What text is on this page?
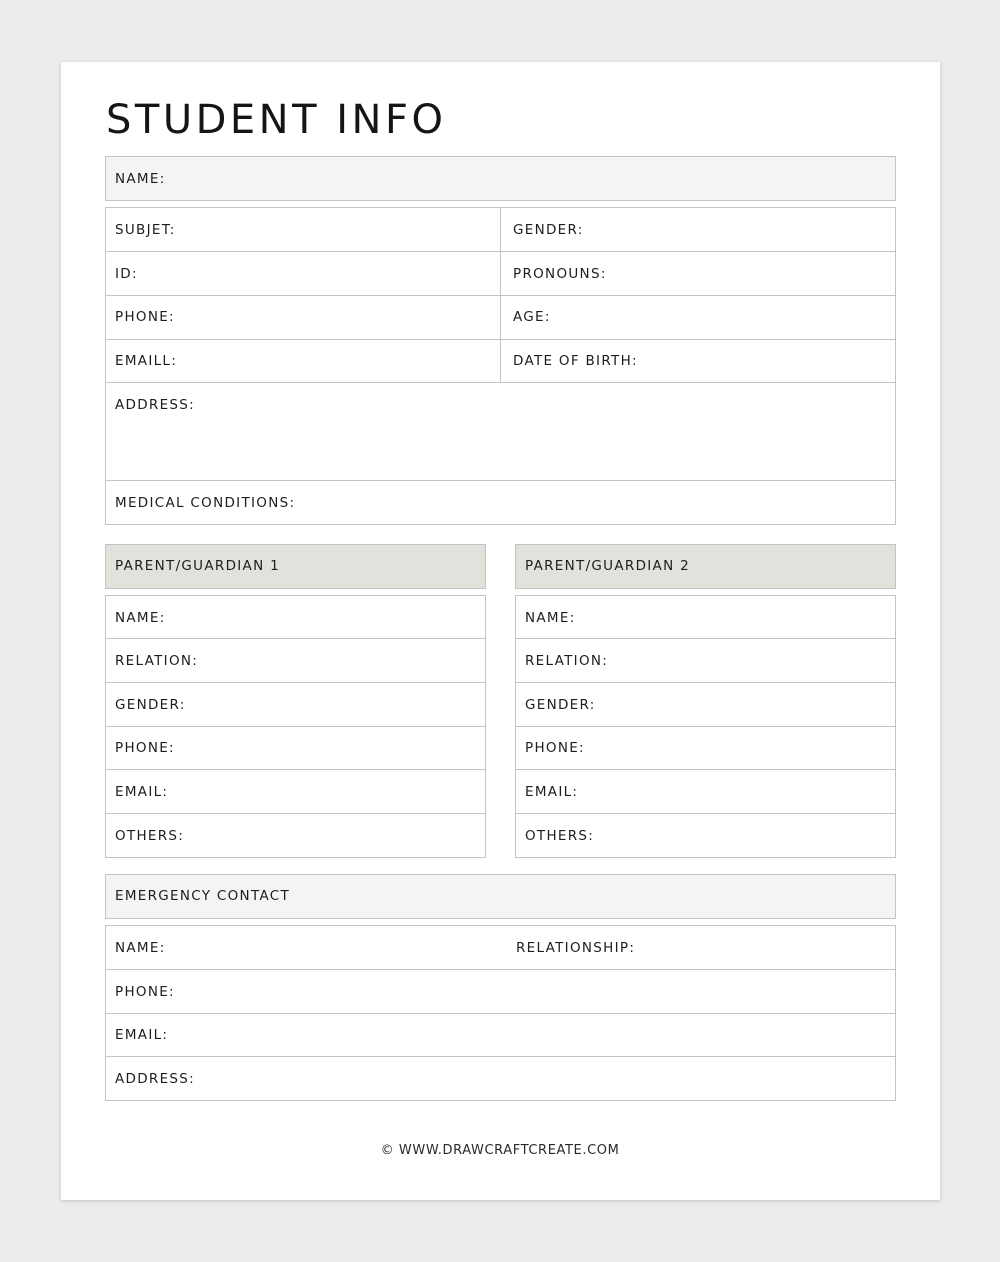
STUDENT INFO
NAME:
SUBJET:
ID:
PHONE:
EMAILL:
GENDER:
PRONOUNS:
AGE:
DATE OF BIRTH:
ADDRESS:
MEDICAL CONDITIONS:
PARENT/GUARDIAN 1
NAME:
RELATION:
GENDER:
PHONE:
EMAIL:
OTHERS:
PARENT/GUARDIAN 2
NAME:
RELATION:
GENDER:
PHONE:
EMAIL:
OTHERS:
EMERGENCY CONTACT
NAME:	RELATIONSHIP:
PHONE:
EMAIL:
ADDRESS:
© WWW.DRAWCRAFTCREATE.COM
